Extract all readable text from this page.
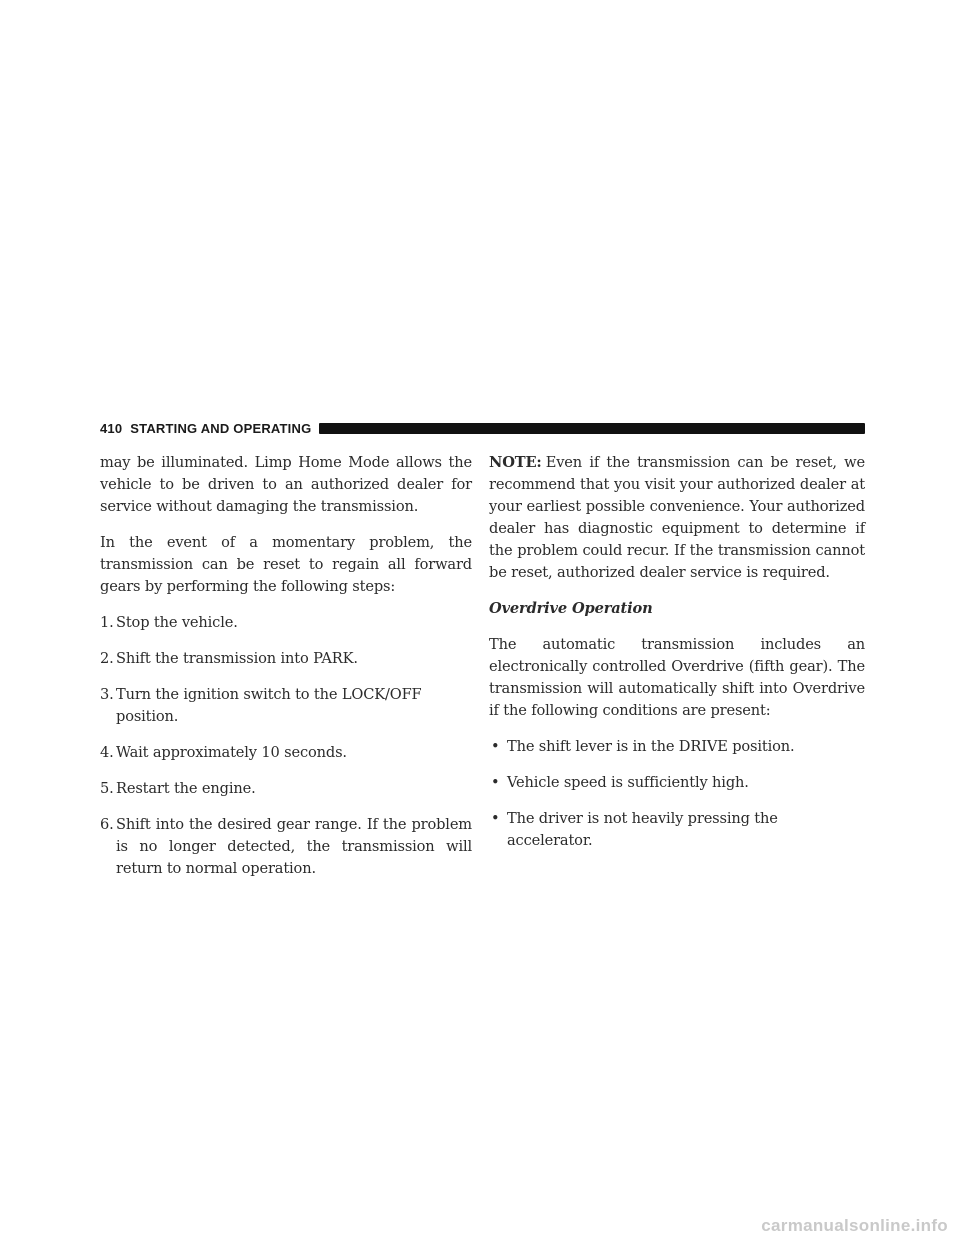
410 STARTING AND OPERATING

may be illuminated. Limp Home Mode allows the vehicle to be driven to an authorized dealer for service without damaging the transmission.

In the event of a momentary problem, the transmission can be reset to regain all forward gears by performing the following steps:

1. Stop the vehicle.
2. Shift the transmission into PARK.
3. Turn the ignition switch to the LOCK/OFF position.
4. Wait approximately 10 seconds.
5. Restart the engine.
6. Shift into the desired gear range. If the problem is no longer detected, the transmission will return to normal operation.

NOTE: Even if the transmission can be reset, we recommend that you visit your authorized dealer at your earliest possible convenience. Your authorized dealer has diagnostic equipment to determine if the problem could recur. If the transmission cannot be reset, authorized dealer service is required.

Overdrive Operation

The automatic transmission includes an electronically controlled Overdrive (fifth gear). The transmission will automatically shift into Overdrive if the following conditions are present:

• The shift lever is in the DRIVE position.
• Vehicle speed is sufficiently high.
• The driver is not heavily pressing the accelerator.
carmanualsonline.info
